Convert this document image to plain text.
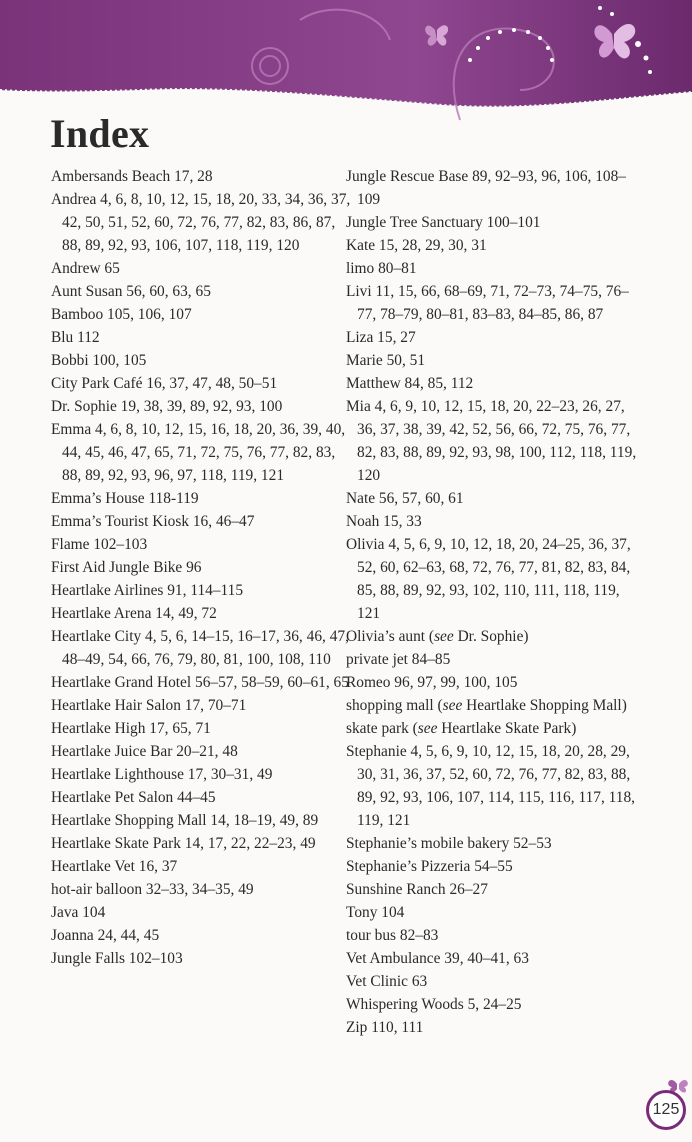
Index
Ambersands Beach 17, 28
Andrea 4, 6, 8, 10, 12, 15, 18, 20, 33, 34, 36, 37, 42, 50, 51, 52, 60, 72, 76, 77, 82, 83, 86, 87, 88, 89, 92, 93, 106, 107, 118, 119, 120
Andrew 65
Aunt Susan 56, 60, 63, 65
Bamboo 105, 106, 107
Blu 112
Bobbi 100, 105
City Park Café 16, 37, 47, 48, 50–51
Dr. Sophie 19, 38, 39, 89, 92, 93, 100
Emma 4, 6, 8, 10, 12, 15, 16, 18, 20, 36, 39, 40, 44, 45, 46, 47, 65, 71, 72, 75, 76, 77, 82, 83, 88, 89, 92, 93, 96, 97, 118, 119, 121
Emma’s House 118-119
Emma’s Tourist Kiosk 16, 46–47
Flame 102–103
First Aid Jungle Bike 96
Heartlake Airlines 91, 114–115
Heartlake Arena 14, 49, 72
Heartlake City 4, 5, 6, 14–15, 16–17, 36, 46, 47, 48–49, 54, 66, 76, 79, 80, 81, 100, 108, 110
Heartlake Grand Hotel 56–57, 58–59, 60–61, 65
Heartlake Hair Salon 17, 70–71
Heartlake High 17, 65, 71
Heartlake Juice Bar 20–21, 48
Heartlake Lighthouse 17, 30–31, 49
Heartlake Pet Salon 44–45
Heartlake Shopping Mall 14, 18–19, 49, 89
Heartlake Skate Park 14, 17, 22, 22–23, 49
Heartlake Vet 16, 37
hot-air balloon 32–33, 34–35, 49
Java 104
Joanna 24, 44, 45
Jungle Falls 102–103
Jungle Rescue Base 89, 92–93, 96, 106, 108–109
Jungle Tree Sanctuary 100–101
Kate 15, 28, 29, 30, 31
limo 80–81
Livi 11, 15, 66, 68–69, 71, 72–73, 74–75, 76–77, 78–79, 80–81, 83–83, 84–85, 86, 87
Liza 15, 27
Marie 50, 51
Matthew 84, 85, 112
Mia 4, 6, 9, 10, 12, 15, 18, 20, 22–23, 26, 27, 36, 37, 38, 39, 42, 52, 56, 66, 72, 75, 76, 77, 82, 83, 88, 89, 92, 93, 98, 100, 112, 118, 119, 120
Nate 56, 57, 60, 61
Noah 15, 33
Olivia 4, 5, 6, 9, 10, 12, 18, 20, 24–25, 36, 37, 52, 60, 62–63, 68, 72, 76, 77, 81, 82, 83, 84, 85, 88, 89, 92, 93, 102, 110, 111, 118, 119, 121
Olivia’s aunt (see Dr. Sophie)
private jet 84–85
Romeo 96, 97, 99, 100, 105
shopping mall (see Heartlake Shopping Mall)
skate park (see Heartlake Skate Park)
Stephanie 4, 5, 6, 9, 10, 12, 15, 18, 20, 28, 29, 30, 31, 36, 37, 52, 60, 72, 76, 77, 82, 83, 88, 89, 92, 93, 106, 107, 114, 115, 116, 117, 118, 119, 121
Stephanie’s mobile bakery 52–53
Stephanie’s Pizzeria 54–55
Sunshine Ranch 26–27
Tony 104
tour bus 82–83
Vet Ambulance 39, 40–41, 63
Vet Clinic 63
Whispering Woods 5, 24–25
Zip 110, 111
125
